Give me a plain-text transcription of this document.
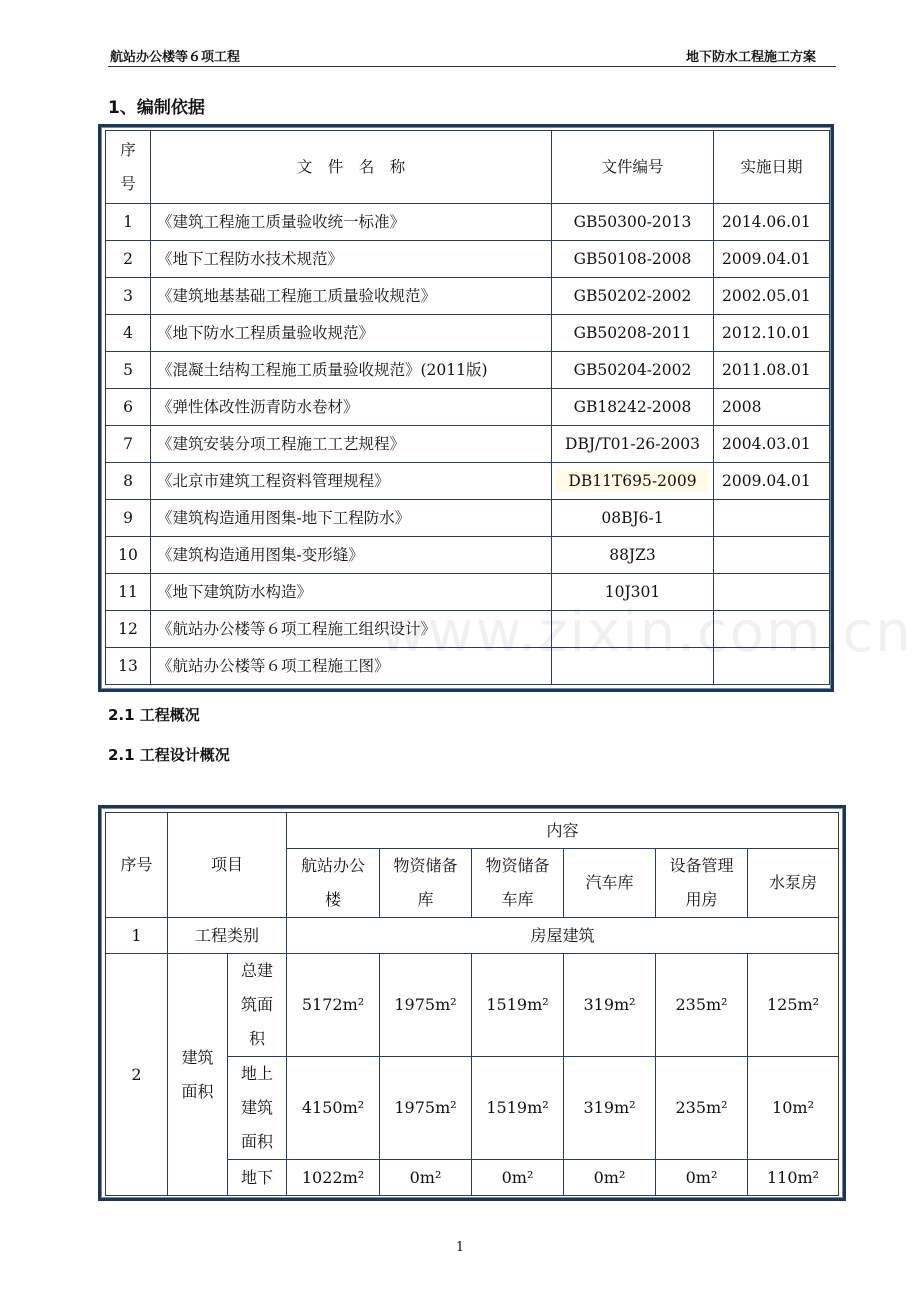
航站办公楼等６项工程	地下防水工程施工方案
1、编制依据
序号	文　件　名　称	文件编号	实施日期
1	《建筑工程施工质量验收统一标准》	GB50300-2013	2014.06.01
2	《地下工程防水技术规范》	GB50108-2008	2009.04.01
3	《建筑地基基础工程施工质量验收规范》	GB50202-2002	2002.05.01
4	《地下防水工程质量验收规范》	GB50208-2011	2012.10.01
5	《混凝土结构工程施工质量验收规范》(2011版)	GB50204-2002	2011.08.01
6	《弹性体改性沥青防水卷材》	GB18242-2008	2008
7	《建筑安装分项工程施工工艺规程》	DBJ/T01-26-2003	2004.03.01
8	《北京市建筑工程资料管理规程》	DB11T695-2009	2009.04.01
9	《建筑构造通用图集-地下工程防水》	08BJ6-1	
10	《建筑构造通用图集-变形缝》	88JZ3	
11	《地下建筑防水构造》	10J301	
12	《航站办公楼等６项工程施工组织设计》		
13	《航站办公楼等６项工程施工图》		
www.zixin.com.cn
2.1 工程概况
2.1 工程设计概况
序号	项目		内容					
			航站办公楼	物资储备库	物资储备车库	汽车库	设备管理用房	水泵房
1	工程类别		房屋建筑					
2	建筑面积	总建筑面积	5172m²	1975m²	1519m²	319m²	235m²	125m²
		地上建筑面积	4150m²	1975m²	1519m²	319m²	235m²	10m²
		地下	1022m²	0m²	0m²	0m²	0m²	110m²
1
